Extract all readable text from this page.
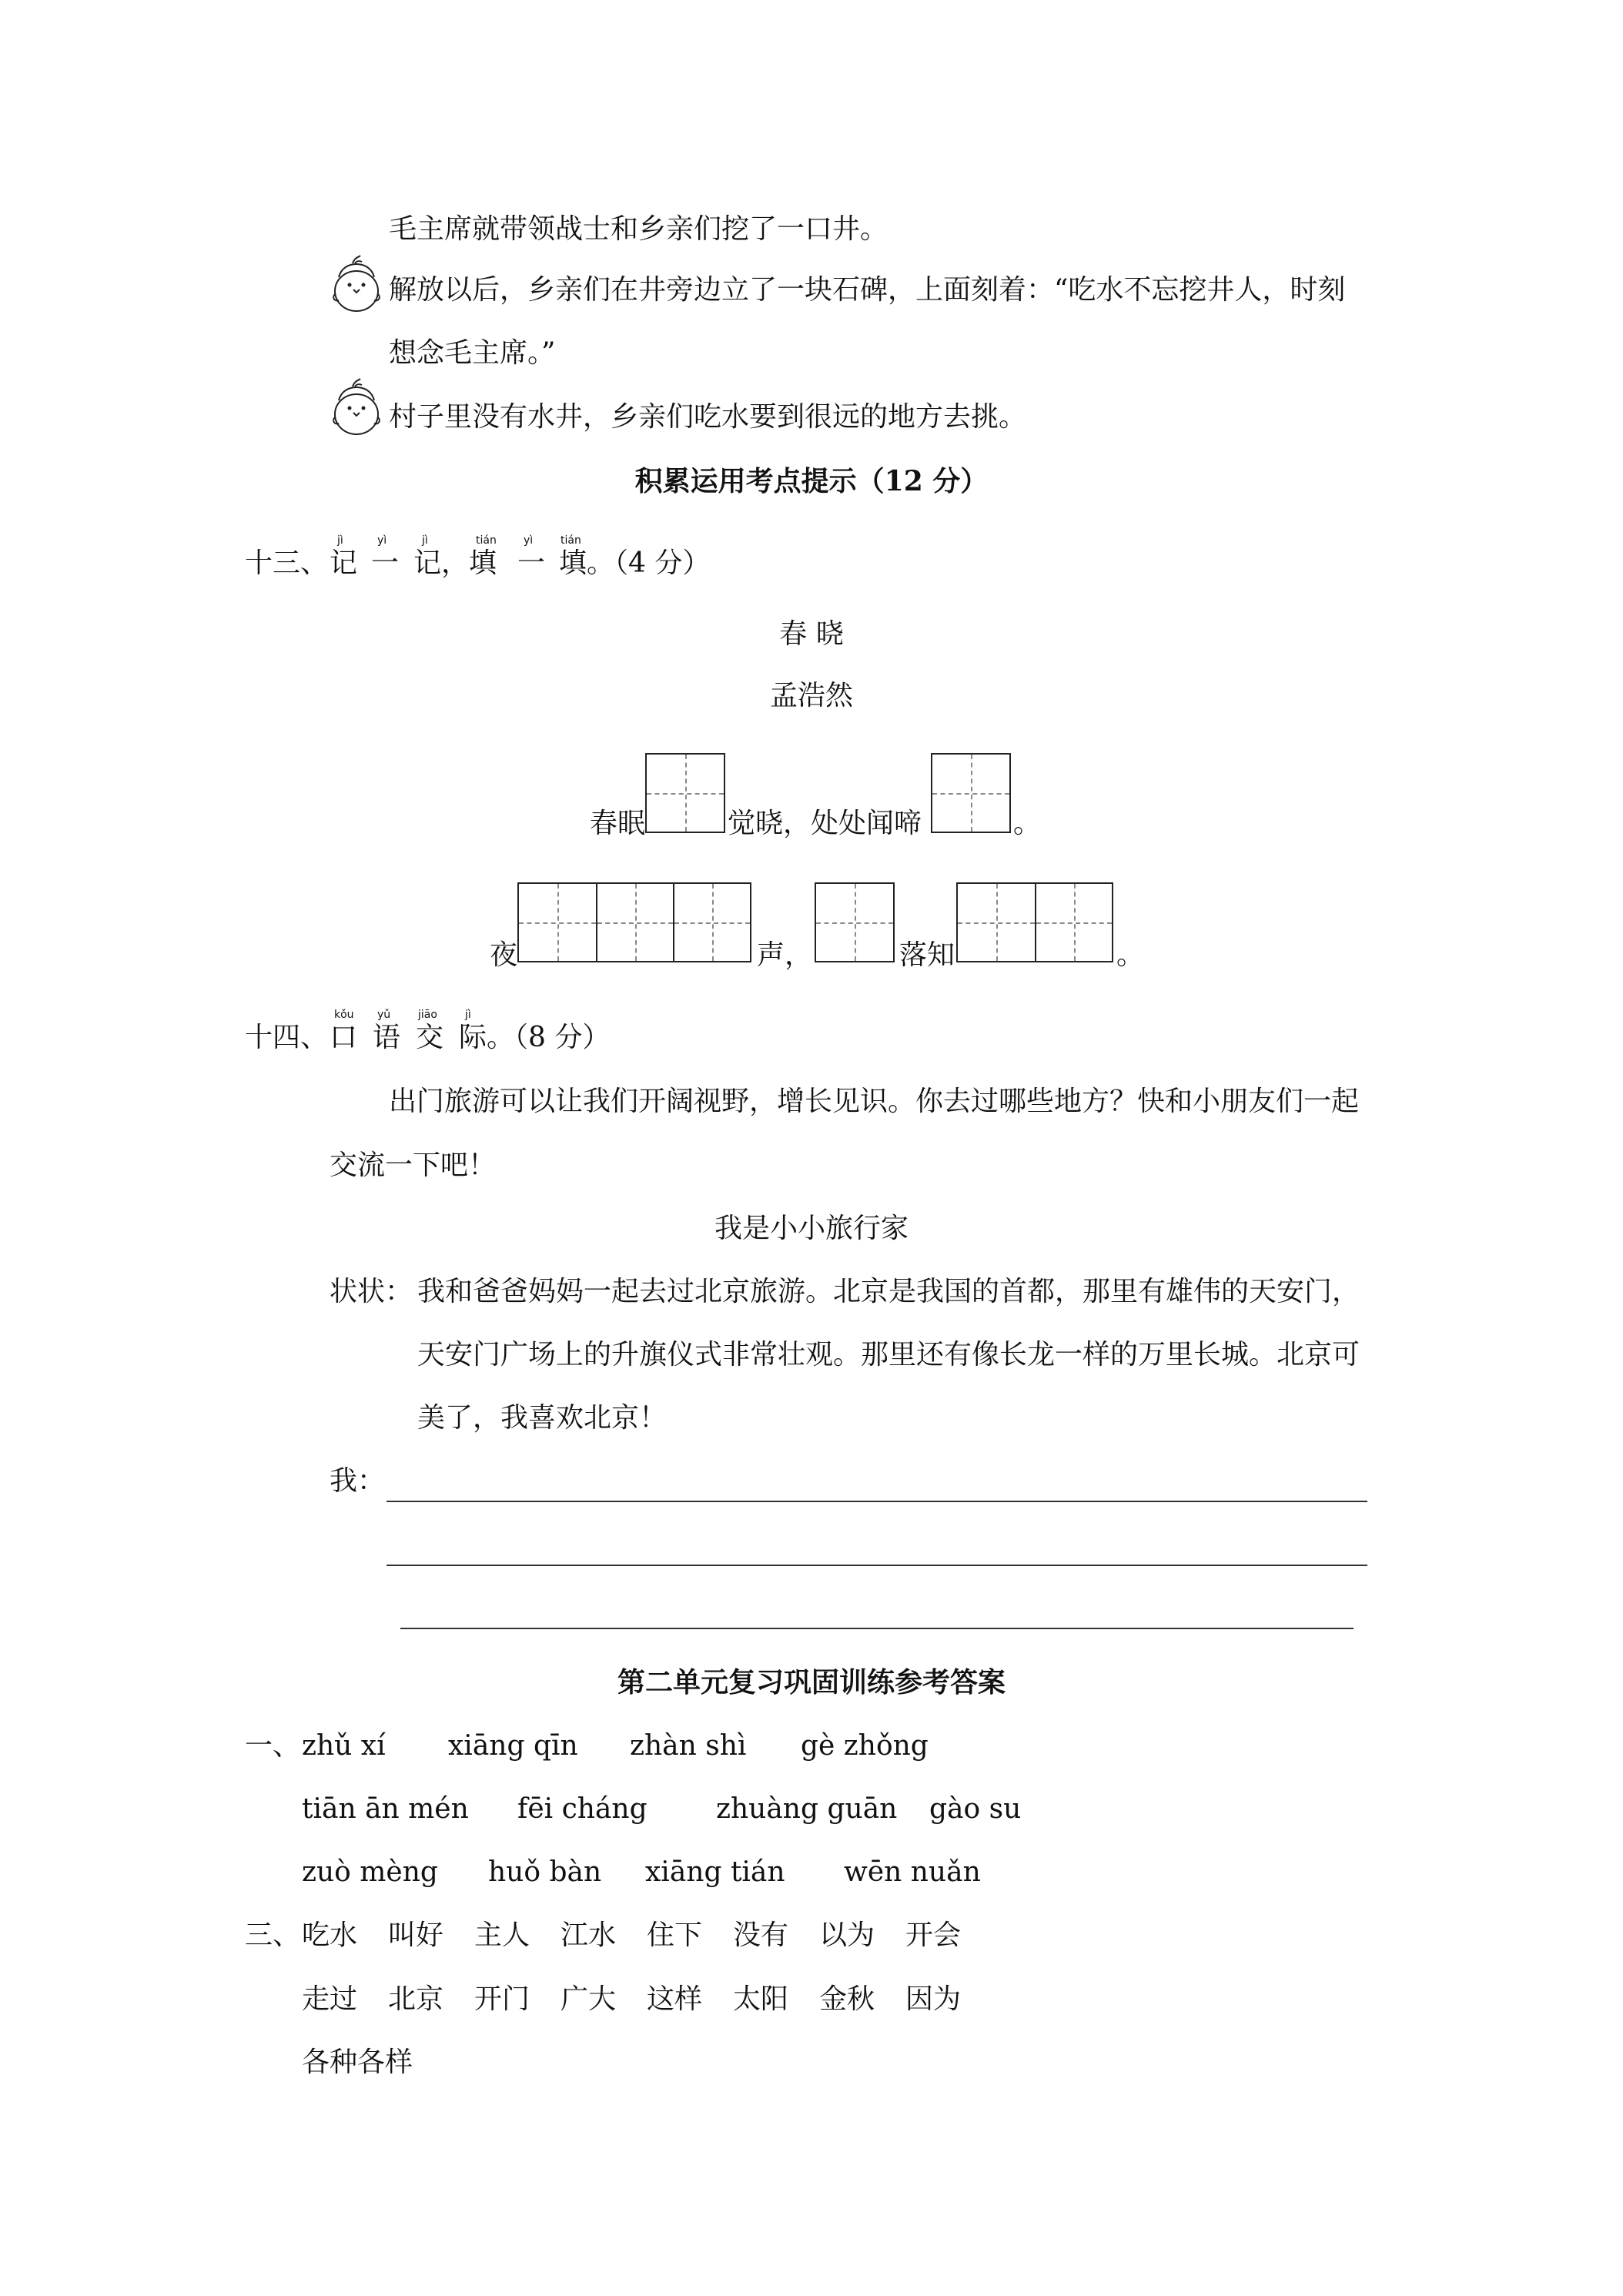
毛主席就带领战士和乡亲们挖了一口井。
解放以后，乡亲们在井旁边立了一块石碑，上面刻着：“吃水不忘挖井人，时刻
想念毛主席。”
村子里没有水井，乡亲们吃水要到很远的地方去挑。
积累运用考点提示（12 分）
十三、
jì
记
yì
一
jì
记
tián
，填
yì
一
tián
填 。（4 分）
春 晓
孟浩然
春眠	觉晓，处处闻啼	。
夜	声，	落知	。
十四、
kǒu
口
yǔ
语
jiāo
交
jì
际 。（8 分）
出门旅游可以让我们开阔视野，增长见识。你去过哪些地方？快和小朋友们一起
交流一下吧！
我是小小旅行家
状状： 我和爸爸妈妈一起去过北京旅游。北京是我国的首都，那里有雄伟的天安门，
天安门广场上的升旗仪式非常壮观。那里还有像长龙一样的万里长城。北京可
美了，我喜欢北京！
我：
第二单元复习巩固训练参考答案
一、 zhǔ xí xiāng qīn zhàn shì gè zhǒng
tiān ān mén fēi cháng zhuàng guān gào su
zuò mèng huǒ bàn xiāng tián wēn nuǎn
三、 吃水 叫好 主人 江水 住下 没有 以为 开会
走过 北京 开门 广大 这样 太阳 金秋 因为
各种各样
